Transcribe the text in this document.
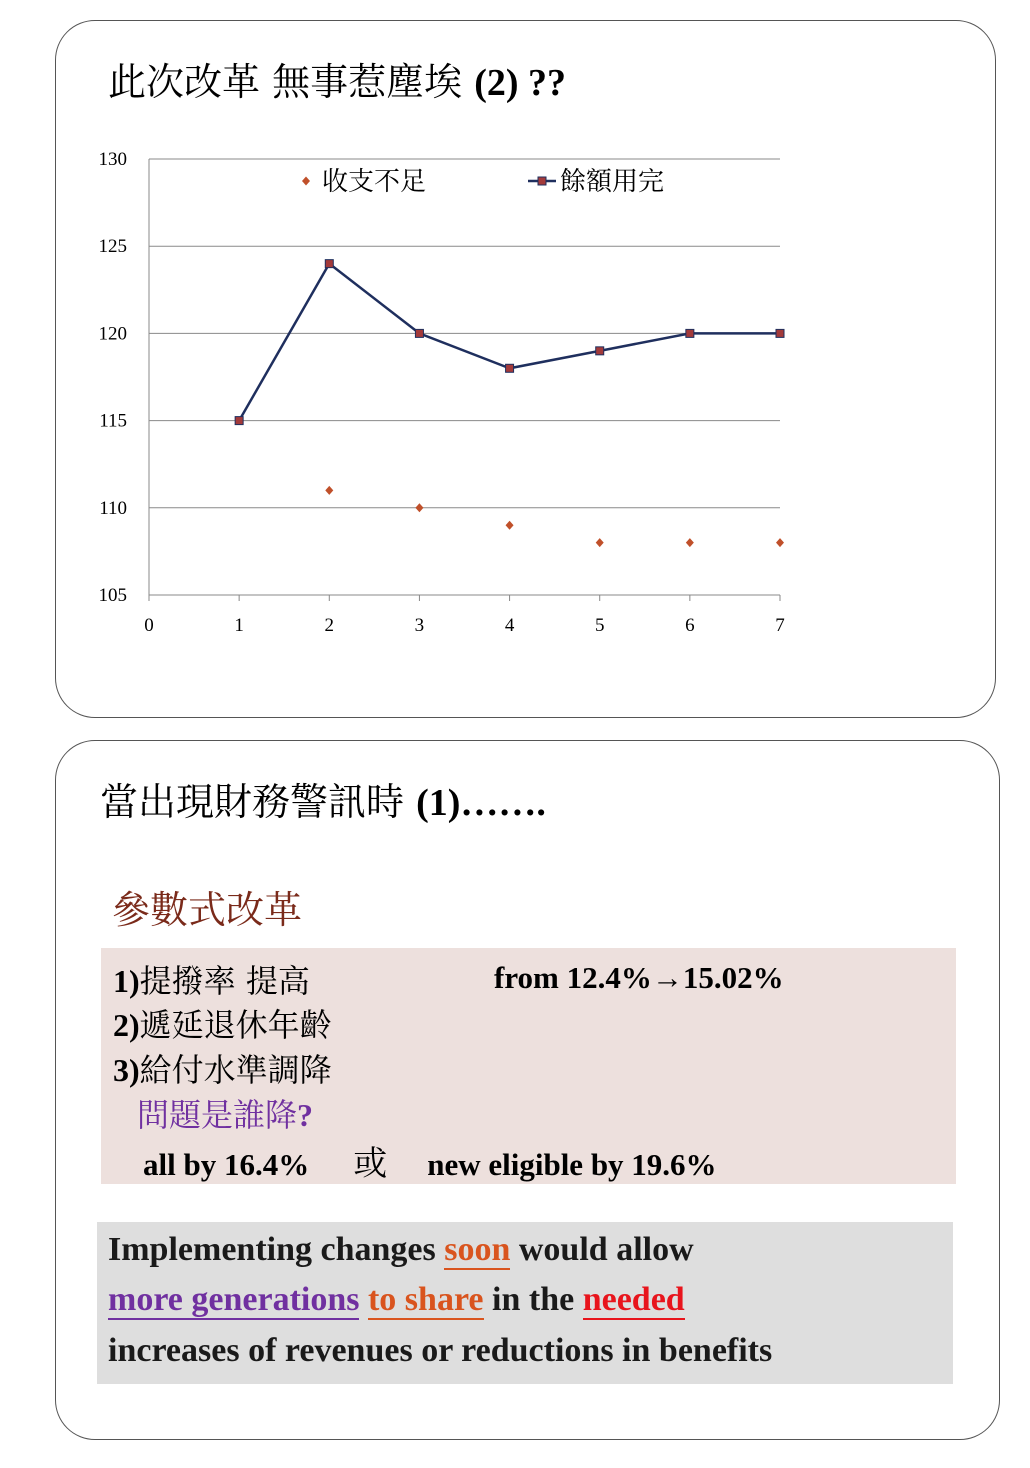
此次改革 無事惹塵埃 (2) ??
105
110
115
120
125
130
0	1	2	3	4	5	6	7
收支不足	餘額用完
當出現財務警訊時 (1)…….
參數式改革
1)提撥率 提高	from 12.4%→15.02%
2)遞延退休年齡
3)給付水準調降
問題是誰降?
all by 16.4% 或 new eligible by 19.6%
Implementing changes soon would allow
more generations to share in the needed
increases of revenues or reductions in benefits
